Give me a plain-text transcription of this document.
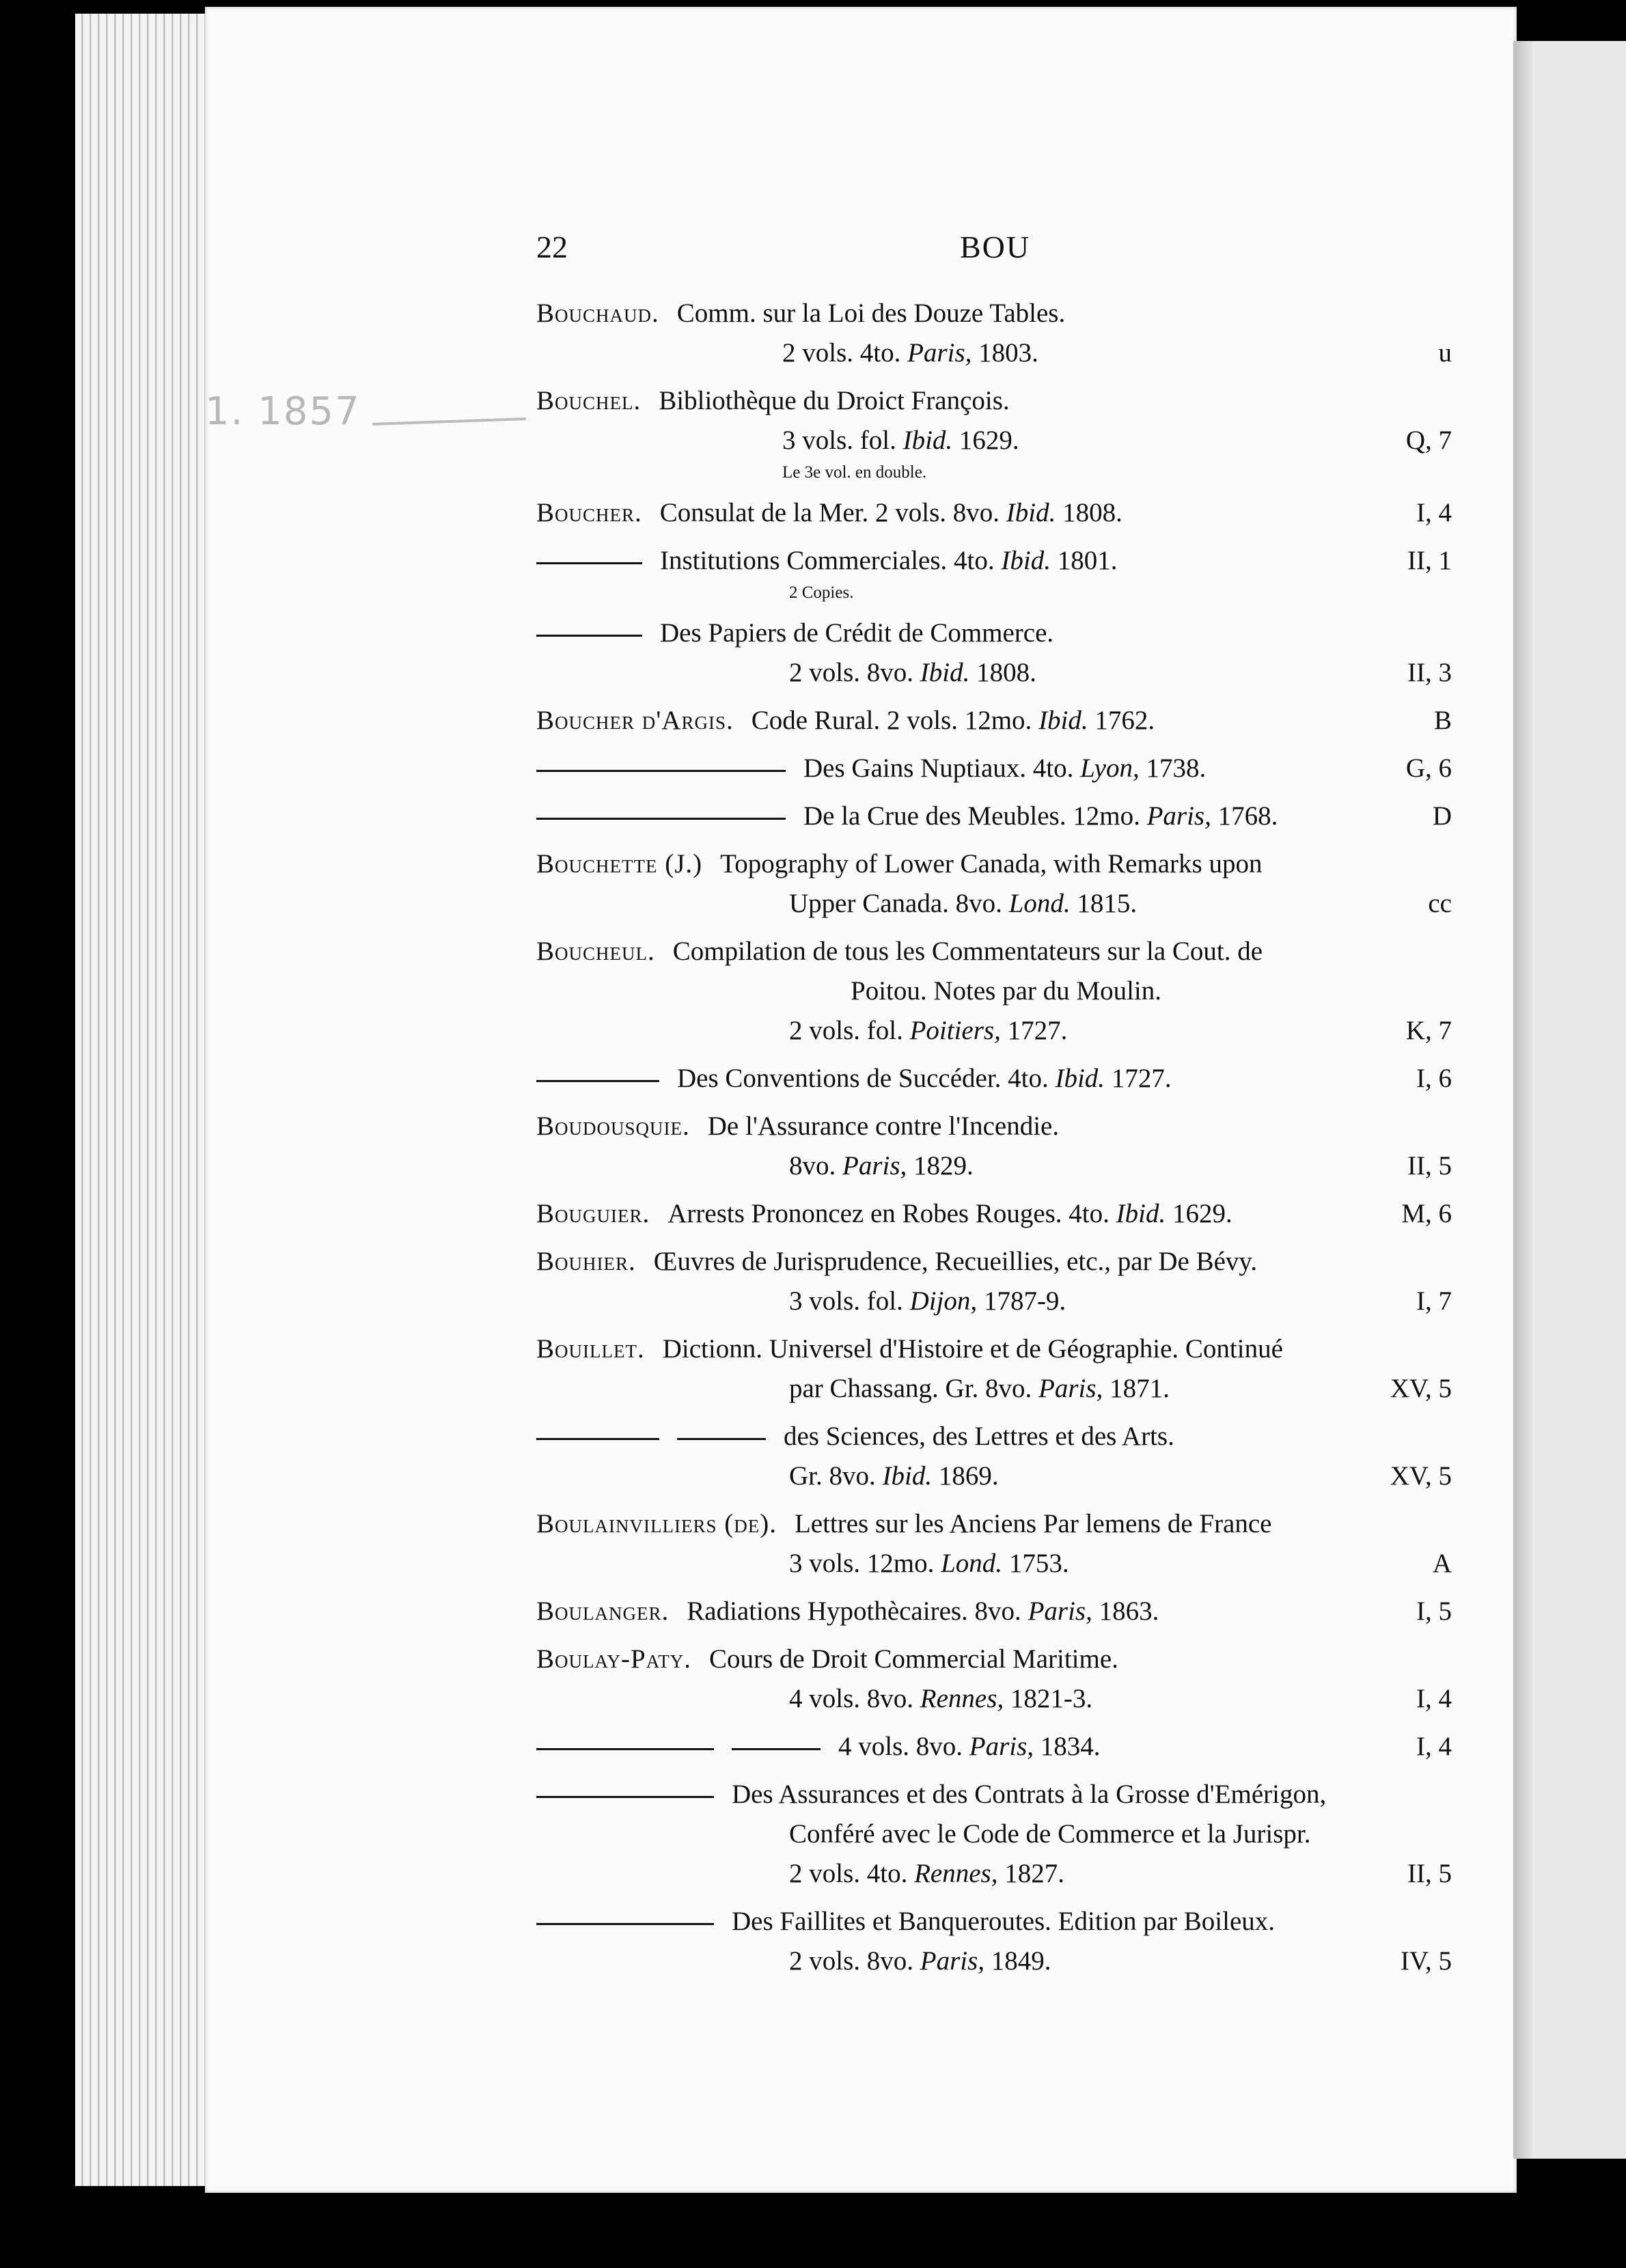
1. 1857
22	BOU
Bouchaud. Comm. sur la Loi des Douze Tables.
2 vols. 4to. Paris, 1803.	u
Bouchel. Bibliothèque du Droict François.
3 vols. fol. Ibid. 1629.	Q, 7
Le 3e vol. en double.
Boucher. Consulat de la Mer. 2 vols. 8vo. Ibid. 1808.	I, 4
Institutions Commerciales. 4to. Ibid. 1801.	II, 1
2 Copies.
Des Papiers de Crédit de Commerce.
2 vols. 8vo. Ibid. 1808.	II, 3
Boucher d'Argis. Code Rural. 2 vols. 12mo. Ibid. 1762.	B
Des Gains Nuptiaux. 4to. Lyon, 1738.	G, 6
De la Crue des Meubles. 12mo. Paris, 1768.	D
Bouchette (J.) Topography of Lower Canada, with Remarks upon
Upper Canada. 8vo. Lond. 1815.	cc
Boucheul. Compilation de tous les Commentateurs sur la Cout. de
Poitou. Notes par du Moulin.
2 vols. fol. Poitiers, 1727.	K, 7
Des Conventions de Succéder. 4to. Ibid. 1727.	I, 6
Boudousquie. De l'Assurance contre l'Incendie.
8vo. Paris, 1829.	II, 5
Bouguier. Arrests Prononcez en Robes Rouges. 4to. Ibid. 1629.	M, 6
Bouhier. Œuvres de Jurisprudence, Recueillies, etc., par De Bévy.
3 vols. fol. Dijon, 1787-9.	I, 7
Bouillet. Dictionn. Universel d'Histoire et de Géographie. Continué
par Chassang. Gr. 8vo. Paris, 1871.	XV, 5
des Sciences, des Lettres et des Arts.
Gr. 8vo. Ibid. 1869.	XV, 5
Boulainvilliers (de). Lettres sur les Anciens Par lemens de France
3 vols. 12mo. Lond. 1753.	A
Boulanger. Radiations Hypothècaires. 8vo. Paris, 1863.	I, 5
Boulay-Paty. Cours de Droit Commercial Maritime.
4 vols. 8vo. Rennes, 1821-3.	I, 4
4 vols. 8vo. Paris, 1834.	I, 4
Des Assurances et des Contrats à la Grosse d'Emérigon,
Conféré avec le Code de Commerce et la Jurispr.
2 vols. 4to. Rennes, 1827.	II, 5
Des Faillites et Banqueroutes. Edition par Boileux.
2 vols. 8vo. Paris, 1849.	IV, 5
